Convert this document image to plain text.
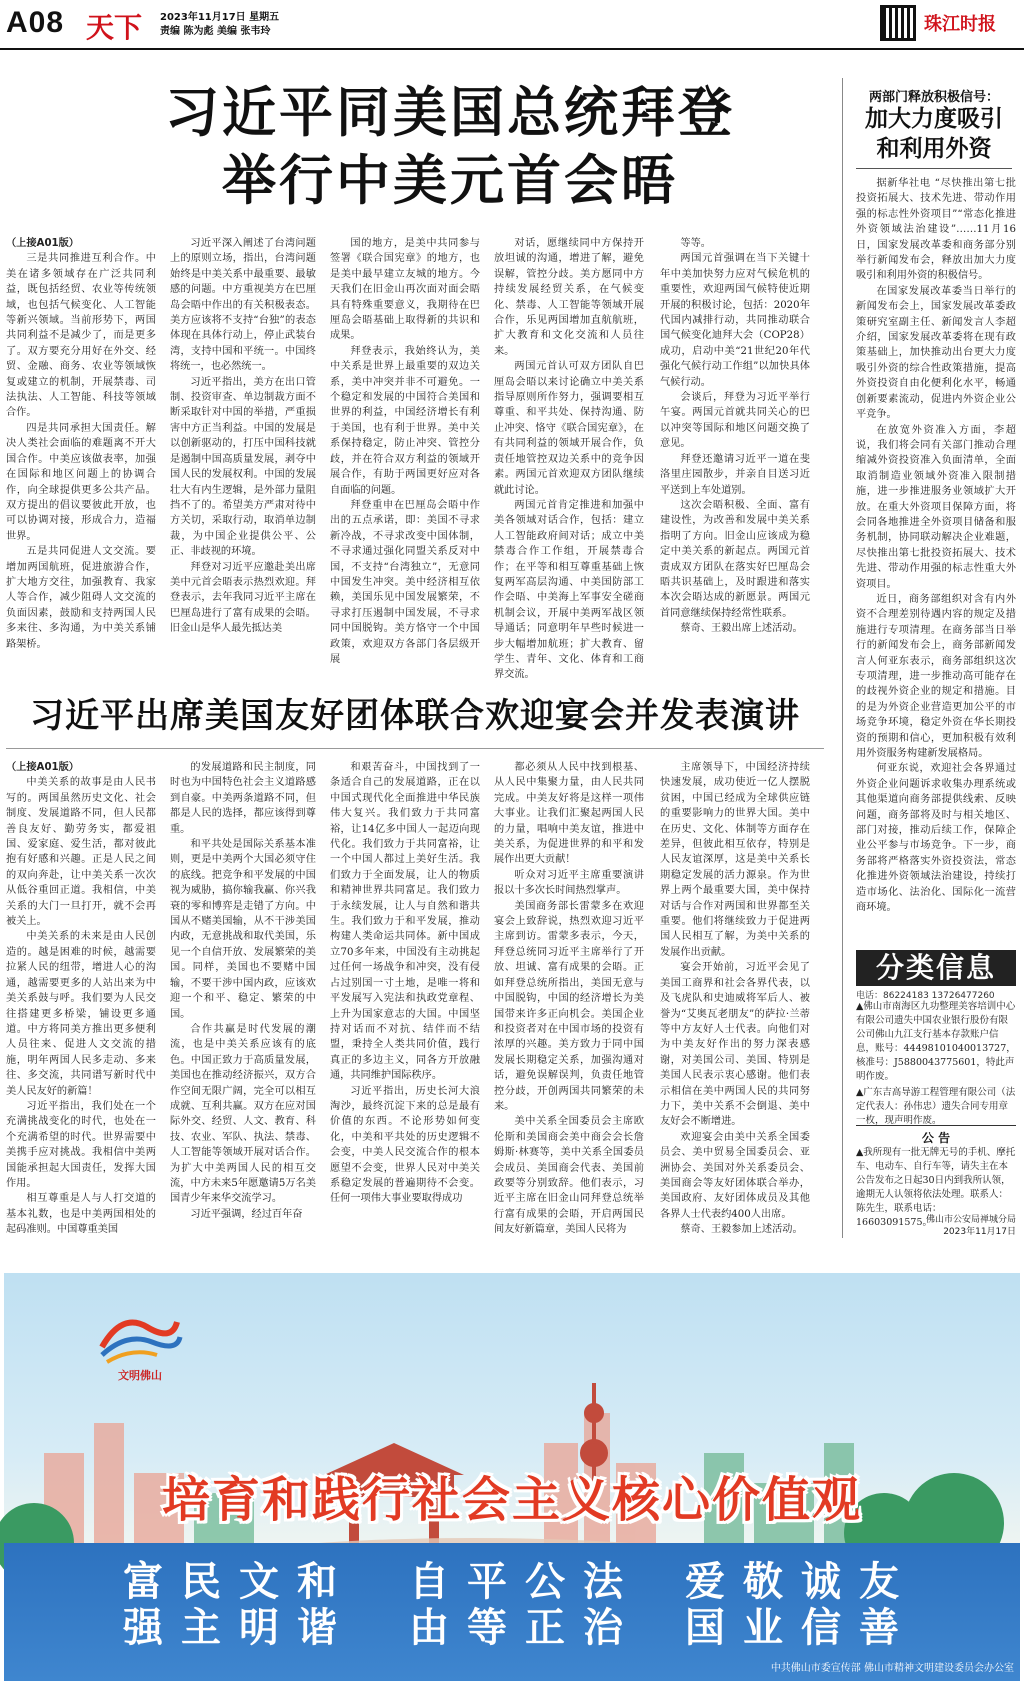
A08 天下 2023年11月17日 星期五
责编 陈为彪 美编 张韦玲	珠江时报
习近平同美国总统拜登
举行中美元首会晤

（上接A01版）

三是共同推进互利合作。中美在诸多领域存在广泛共同利益，既包括经贸、农业等传统领域，也包括气候变化、人工智能等新兴领域。当前形势下，两国共同利益不是减少了，而是更多了。双方要充分用好在外交、经贸、金融、商务、农业等领域恢复或建立的机制，开展禁毒、司法执法、人工智能、科技等领域合作。

四是共同承担大国责任。解决人类社会面临的难题离不开大国合作。中美应该做表率，加强在国际和地区问题上的协调合作，向全球提供更多公共产品。双方提出的倡议要彼此开放，也可以协调对接，形成合力，造福世界。

五是共同促进人文交流。要增加两国航班，促进旅游合作，扩大地方交往，加强教育、我家人等合作，减少阻碍人文交流的负面因素，鼓励和支持两国人民多来往、多沟通，为中美关系铺路架桥。

习近平深入阐述了台湾问题上的原则立场，指出，台湾问题始终是中美关系中最重要、最敏感的问题。中方重视美方在巴厘岛会晤中作出的有关积极表态。美方应该将不支持“台独”的表态体现在具体行动上，停止武装台湾，支持中国和平统一。中国终将统一，也必然统一。

习近平指出，美方在出口管制、投资审查、单边制裁方面不断采取针对中国的举措，严重损害中方正当利益。中国的发展是以创新驱动的，打压中国科技就是遏制中国高质量发展，剥夺中国人民的发展权利。中国的发展壮大有内生逻辑，是外部力量阻挡不了的。希望美方严肃对待中方关切，采取行动，取消单边制裁，为中国企业提供公平、公正、非歧视的环境。

拜登对习近平应邀赴美出席美中元首会晤表示热烈欢迎。拜登表示，去年我同习近平主席在巴厘岛进行了富有成果的会晤。旧金山是华人最先抵达美

国的地方，是美中共同参与签署《联合国宪章》的地方，也是美中最早建立友城的地方。今天我们在旧金山再次面对面会晤具有特殊重要意义，我期待在巴厘岛会晤基础上取得新的共识和成果。

拜登表示，我始终认为，美中关系是世界上最重要的双边关系，美中冲突并非不可避免。一个稳定和发展的中国符合美国和世界的利益，中国经济增长有利于美国，也有利于世界。美中关系保持稳定，防止冲突、管控分歧，并在符合双方利益的领域开展合作，有助于两国更好应对各自面临的问题。

拜登重申在巴厘岛会晤中作出的五点承诺，即：美国不寻求新冷战，不寻求改变中国体制，不寻求通过强化同盟关系反对中国，不支持“台湾独立”，无意同中国发生冲突。美中经济相互依赖，美国乐见中国发展繁荣，不寻求打压遏制中国发展，不寻求同中国脱钩。美方恪守一个中国政策，欢迎双方各部门各层级开展

对话，愿继续同中方保持开放坦诚的沟通，增进了解，避免误解，管控分歧。美方愿同中方持续发展经贸关系，在气候变化、禁毒、人工智能等领域开展合作，乐见两国增加直航航班，扩大教育和文化交流和人员往来。

两国元首认可双方团队自巴厘岛会晤以来讨论确立中美关系指导原则所作努力，强调要相互尊重、和平共处、保持沟通、防止冲突、恪守《联合国宪章》，在有共同利益的领域开展合作，负责任地管控双边关系中的竞争因素。两国元首欢迎双方团队继续就此讨论。

两国元首肯定推进和加强中美各领域对话合作，包括：建立人工智能政府间对话；成立中美禁毒合作工作组，开展禁毒合作；在平等和相互尊重基础上恢复两军高层沟通、中美国防部工作会晤、中美海上军事安全磋商机制会议，开展中美两军战区领导通话；同意明年早些时候进一步大幅增加航班；扩大教育、留学生、青年、文化、体育和工商界交流。

等等。

两国元首强调在当下关键十年中美加快努力应对气候危机的重要性，欢迎两国气候特使近期开展的积极讨论，包括：2020年代国内减排行动，共同推动联合国气候变化迪拜大会（COP28）成功，启动中美“21世纪20年代强化气候行动工作组”以加快具体气候行动。

会谈后，拜登为习近平举行午宴。两国元首就共同关心的巴以冲突等国际和地区问题交换了意见。

拜登还邀请习近平一道在斐洛里庄园散步，并亲自目送习近平送到上车处道别。

这次会晤积极、全面、富有建设性，为改善和发展中美关系指明了方向。旧金山应该成为稳定中美关系的新起点。两国元首责成双方团队在落实好巴厘岛会晤共识基础上，及时跟进和落实本次会晤达成的新愿景。两国元首同意继续保持经常性联系。

蔡奇、王毅出席上述活动。

习近平出席美国友好团体联合欢迎宴会并发表演讲

（上接A01版）

中美关系的故事是由人民书写的。两国虽然历史文化、社会制度、发展道路不同，但人民都善良友好、勤劳务实，都爱祖国、爱家庭、爱生活，都对彼此抱有好感和兴趣。正是人民之间的双向奔赴，让中美关系一次次从低谷重回正道。我相信，中美关系的大门一旦打开，就不会再被关上。

中美关系的未来是由人民创造的。越是困难的时候，越需要拉紧人民的纽带，增进人心的沟通，越需要更多的人站出来为中美关系鼓与呼。我们要为人民交往搭建更多桥梁，铺设更多通道。中方将同美方推出更多便利人员往来、促进人文交流的措施，明年两国人民多走动、多来往、多交流，共同谱写新时代中美人民友好的新篇！

习近平指出，我们处在一个充满挑战变化的时代，也处在一个充满希望的时代。世界需要中美携手应对挑战。我相信中美两国能承担起大国责任，发挥大国作用。

相互尊重是人与人打交道的基本礼数，也是中美两国相处的起码准则。中国尊重美国

的发展道路和民主制度，同时也为中国特色社会主义道路感到自豪。中美两条道路不同，但都是人民的选择，都应该得到尊重。

和平共处是国际关系基本准则，更是中美两个大国必须守住的底线。把竞争和平发展的中国视为威胁，搞你输我赢、你兴我衰的零和博弈是走错了方向。中国从不赌美国输，从不干涉美国内政，无意挑战和取代美国，乐见一个自信开放、发展繁荣的美国。同样，美国也不要赌中国输，不要干涉中国内政，应该欢迎一个和平、稳定、繁荣的中国。

合作共赢是时代发展的潮流，也是中美关系应该有的底色。中国正致力于高质量发展，美国也在推动经济振兴，双方合作空间无限广阔，完全可以相互成就、互利共赢。双方在应对国际外交、经贸、人文、教育、科技、农业、军队、执法、禁毒、人工智能等领域开展对话合作。为扩大中美两国人民的相互交流，中方未来5年愿邀请5万名美国青少年来华交流学习。

习近平强调，经过百年奋

和艰苦奋斗，中国找到了一条适合自己的发展道路，正在以中国式现代化全面推进中华民族伟大复兴。我们致力于共同富裕，让14亿多中国人一起迈向现代化。我们致力于共同富裕，让一个中国人都过上美好生活。我们致力于全面发展，让人的物质和精神世界共同富足。我们致力于永续发展，让人与自然和谐共生。我们致力于和平发展，推动构建人类命运共同体。新中国成立70多年来，中国没有主动挑起过任何一场战争和冲突，没有侵占过别国一寸土地，是唯一将和平发展写入宪法和执政党章程、上升为国家意志的大国。中国坚持对话而不对抗、结伴而不结盟，秉持全人类共同价值，践行真正的多边主义，同各方开放融通，共同维护国际秩序。

习近平指出，历史长河大浪淘沙，最终沉淀下来的总是最有价值的东西。不论形势如何变化，中美和平共处的历史逻辑不会变，中美人民交流合作的根本愿望不会变，世界人民对中美关系稳定发展的普遍期待不会变。任何一项伟大事业要取得成功

都必须从人民中找到根基、从人民中集聚力量，由人民共同完成。中美友好将是这样一项伟大事业。让我们汇聚起两国人民的力量，唱响中美友谊，推进中美关系，为促进世界的和平和发展作出更大贡献！

听众对习近平主席重要演讲报以十多次长时间热烈掌声。

美国商务部长雷蒙多在欢迎宴会上致辞说，热烈欢迎习近平主席到访。雷蒙多表示，今天，拜登总统同习近平主席举行了开放、坦诚、富有成果的会晤。正如拜登总统所指出，美国无意与中国脱钩，中国的经济增长为美国带来许多正向机会。美国企业和投资者对在中国市场的投资有浓厚的兴趣。美方致力于同中国发展长期稳定关系，加强沟通对话，避免误解误判，负责任地管控分歧，开创两国共同繁荣的未来。

美中关系全国委员会主席欧伦斯和美国商会美中商会会长詹姆斯·林赛等，美中关系全国委员会成员、美国商会代表、美国前政要等分别致辞。他们表示，习近平主席在旧金山同拜登总统举行富有成果的会晤，开启两国民间友好新篇章，美国人民将为

主席领导下，中国经济持续快速发展，成功使近一亿人摆脱贫困，中国已经成为全球供应链的重要影响力的世界大国。美中在历史、文化、体制等方面存在差异，但彼此相互依存，特别是人民友谊深厚，这是美中关系长期稳定发展的活力源泉。作为世界上两个最重要大国，美中保持对话与合作对两国和世界都至关重要。他们将继续致力于促进两国人民相互了解，为美中关系的发展作出贡献。

宴会开始前，习近平会见了美国工商界和社会各界代表，以及飞虎队和史迪威将军后人、被誉为“艾奥瓦老朋友”的萨拉·兰蒂等中方友好人士代表。向他们对为中美友好作出的努力深表感谢，对美国公司、美国、特别是美国人民表示衷心感谢。他们表示相信在美中两国人民的共同努力下，美中关系不会倒退、美中友好会不断增进。

欢迎宴会由美中关系全国委员会、美中贸易全国委员会、亚洲协会、美国对外关系委员会、美国商会等友好团体联合举办，美国政府、友好团体成员及其他各界人士代表约400人出席。

蔡奇、王毅参加上述活动。

两部门释放积极信号：
加大力度吸引
和利用外资

据新华社电 “尽快推出第七批投资拓展大、技术先进、带动作用强的标志性外资项目”“常态化推进外资领域法治建设”……11月16日，国家发展改革委和商务部分别举行新闻发布会，释放出加大力度吸引和利用外资的积极信号。

在国家发展改革委当日举行的新闻发布会上，国家发展改革委政策研究室副主任、新闻发言人李超介绍，国家发展改革委将在现有政策基础上，加快推动出台更大力度吸引外资的综合性政策措施，提高外资投资自由化便利化水平，畅通创新要素流动，促进内外资企业公平竞争。

在放宽外资准入方面，李超说，我们将会同有关部门推动合理缩减外资投资准入负面清单，全面取消制造业领域外资准入限制措施，进一步推进服务业领域扩大开放。在重大外资项目保障方面，将会同各地推进全外资项目储备和服务机制，协同联动解决企业难题，尽快推出第七批投资拓展大、技术先进、带动作用强的标志性重大外资项目。

近日，商务部组织对含有内外资不合理差别待遇内容的规定及措施进行专项清理。在商务部当日举行的新闻发布会上，商务部新闻发言人何亚东表示，商务部组织这次专项清理，进一步推动高可能存在的歧视外资企业的规定和措施。目的是为外资企业营造更加公平的市场竞争环境，稳定外资在华长期投资的预期和信心，更加积极有效利用外资服务构建新发展格局。

何亚东说，欢迎社会各界通过外资企业问题诉求收集办理系统或其他渠道向商务部提供线索、反映问题，商务部将及时与相关地区、部门对接，推动后续工作，保障企业公平参与市场竞争。下一步，商务部将严格落实外资投资法，常态化推进外资领域法治建设，持续打造市场化、法治化、国际化一流营商环境。

分类信息
电话：86224183 13726477260

▲佛山市南海区九功整理美容培训中心有限公司遗失中国农业银行股份有限公司佛山九江支行基本存款账户信息，账号：44498101040013727，核准号：J5880043775601，特此声明作废。

▲广东吉高导游工程管理有限公司（法定代表人：孙伟忠）遗失合同专用章一枚，现声明作废。

公 告
▲我所现有一批无牌无号的手机、摩托车、电动车、自行车等，请失主在本公告发布之日起30日内到我所认领，逾期无人认领将依法处理。联系人：陈先生，联系电话：16603091575。

佛山市公安局禅城分局

2023年11月17日

文明佛山
培育和践行社会主义核心价值观
富
强
民
主
文
明
和
谐
自
由
平
等
公
正
法
治
爱
国
敬
业
诚
信
友
善
中共佛山市委宣传部 佛山市精神文明建设委员会办公室
